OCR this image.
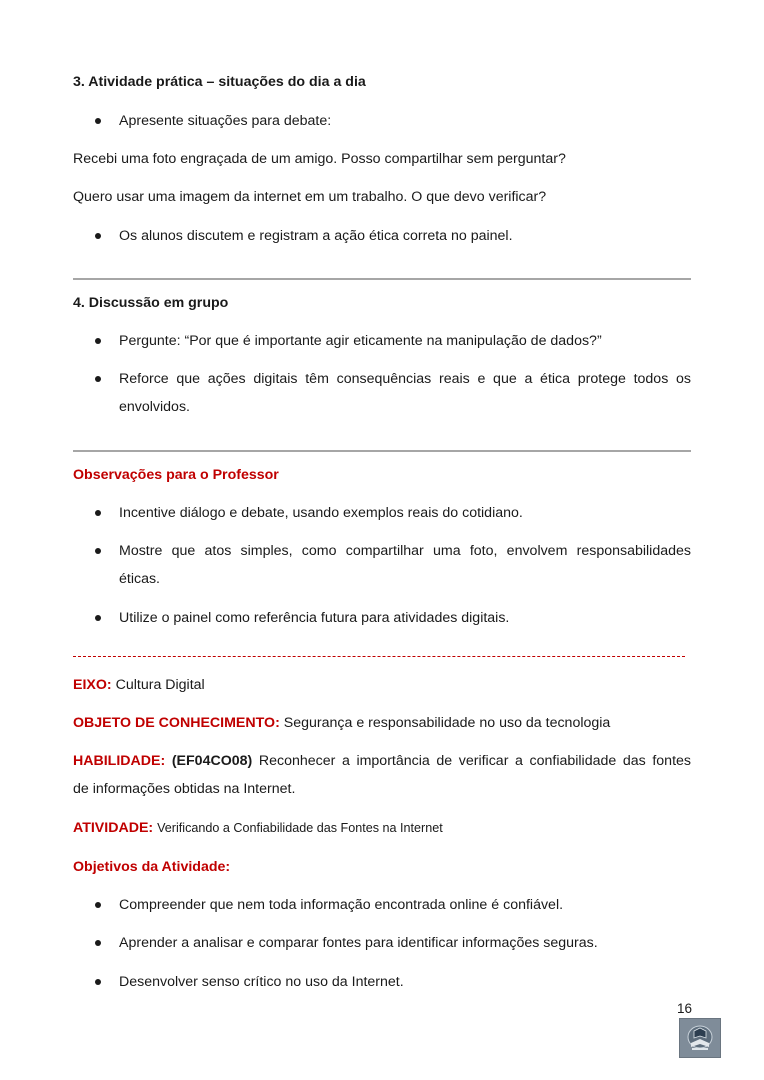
3. Atividade prática – situações do dia a dia

Apresente situações para debate:

Recebi uma foto engraçada de um amigo. Posso compartilhar sem perguntar?

Quero usar uma imagem da internet em um trabalho. O que devo verificar?

Os alunos discutem e registram a ação ética correta no painel.

4. Discussão em grupo

Pergunte: “Por que é importante agir eticamente na manipulação de dados?”

Reforce que ações digitais têm consequências reais e que a ética protege todos os

envolvidos.

Observações para o Professor

Incentive diálogo e debate, usando exemplos reais do cotidiano.

Mostre que atos simples, como compartilhar uma foto, envolvem responsabilidades

éticas.

Utilize o painel como referência futura para atividades digitais.

EIXO: Cultura Digital

OBJETO DE CONHECIMENTO: Segurança e responsabilidade no uso da tecnologia

HABILIDADE: (EF04CO08) Reconhecer a importância de verificar a confiabilidade das fontes

de informações obtidas na Internet.

ATIVIDADE: Verificando a Confiabilidade das Fontes na Internet

Objetivos da Atividade:

Compreender que nem toda informação encontrada online é confiável.

Aprender a analisar e comparar fontes para identificar informações seguras.

Desenvolver senso crítico no uso da Internet.

16
